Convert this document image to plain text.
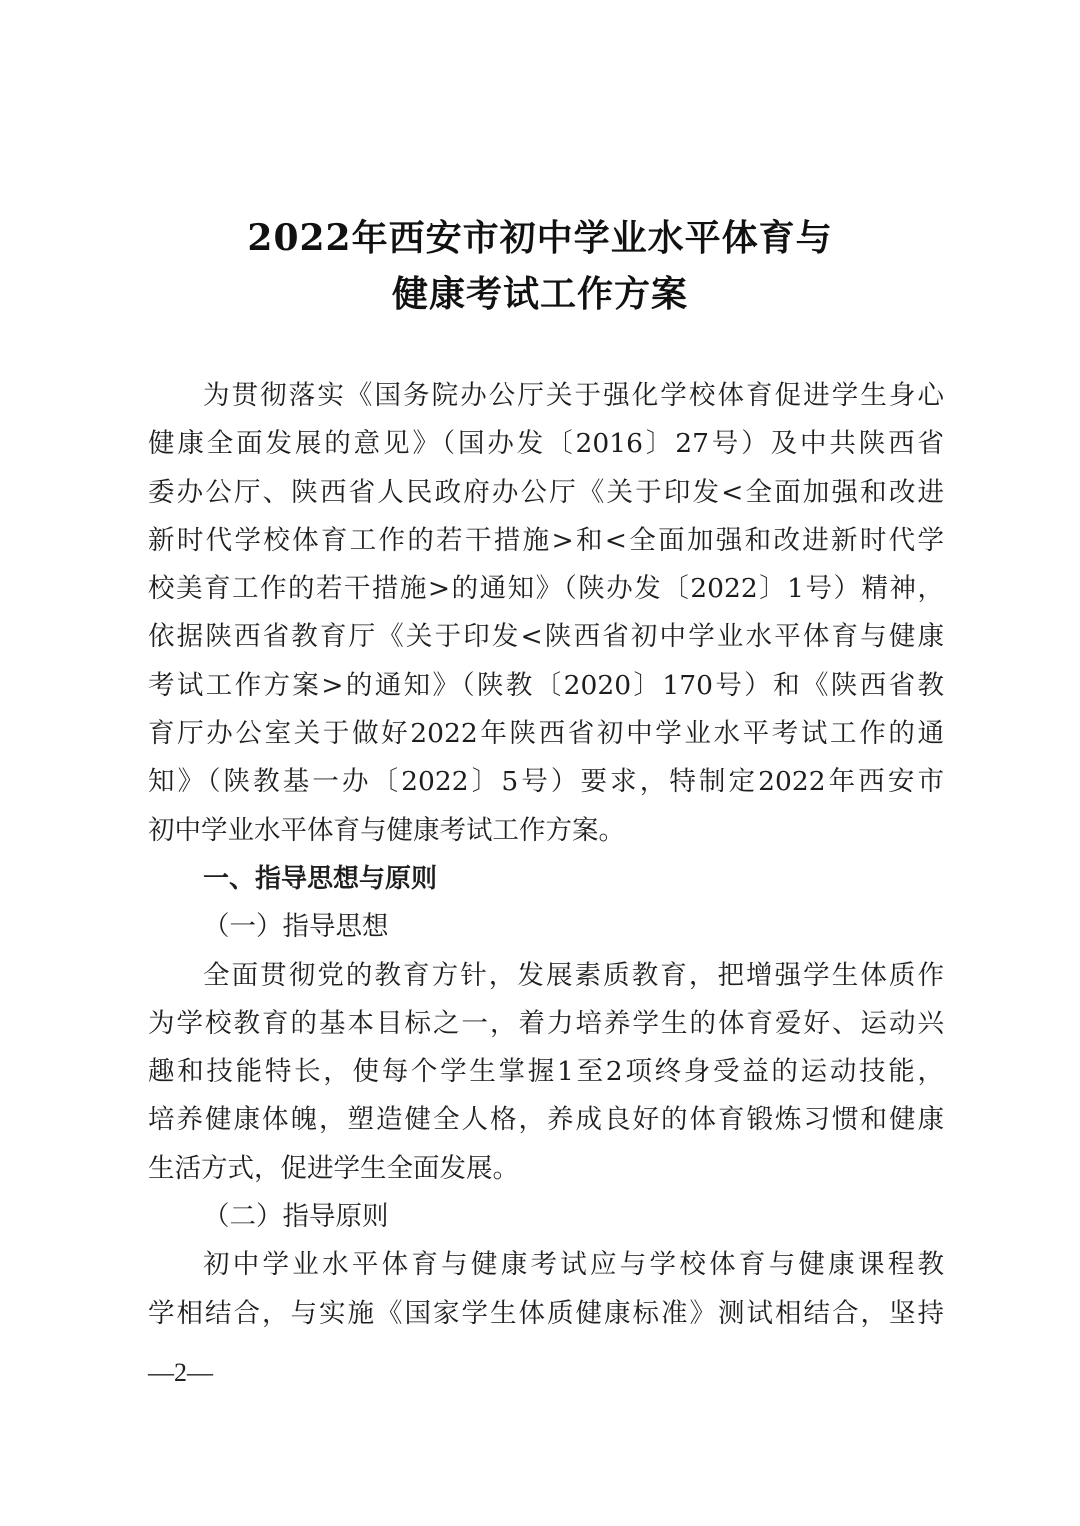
2022年西安市初中学业水平体育与
健康考试工作方案
为贯彻落实《国务院办公厅关于强化学校体育促进学生身心
健康全面发展的意见》（国办发〔2016〕27号）及中共陕西省
委办公厅、陕西省人民政府办公厅《关于印发<全面加强和改进
新时代学校体育工作的若干措施>和<全面加强和改进新时代学
校美育工作的若干措施>的通知》（陕办发〔2022〕1号）精神，
依据陕西省教育厅《关于印发<陕西省初中学业水平体育与健康
考试工作方案>的通知》（陕教〔2020〕170号）和《陕西省教
育厅办公室关于做好2022年陕西省初中学业水平考试工作的通
知》（陕教基一办〔2022〕5号）要求，特制定2022年西安市
初中学业水平体育与健康考试工作方案。
一、指导思想与原则
（一）指导思想
全面贯彻党的教育方针，发展素质教育，把增强学生体质作
为学校教育的基本目标之一，着力培养学生的体育爱好、运动兴
趣和技能特长，使每个学生掌握1至2项终身受益的运动技能，
培养健康体魄，塑造健全人格，养成良好的体育锻炼习惯和健康
生活方式，促进学生全面发展。
（二）指导原则
初中学业水平体育与健康考试应与学校体育与健康课程教
学相结合，与实施《国家学生体质健康标准》测试相结合，坚持
—2—
